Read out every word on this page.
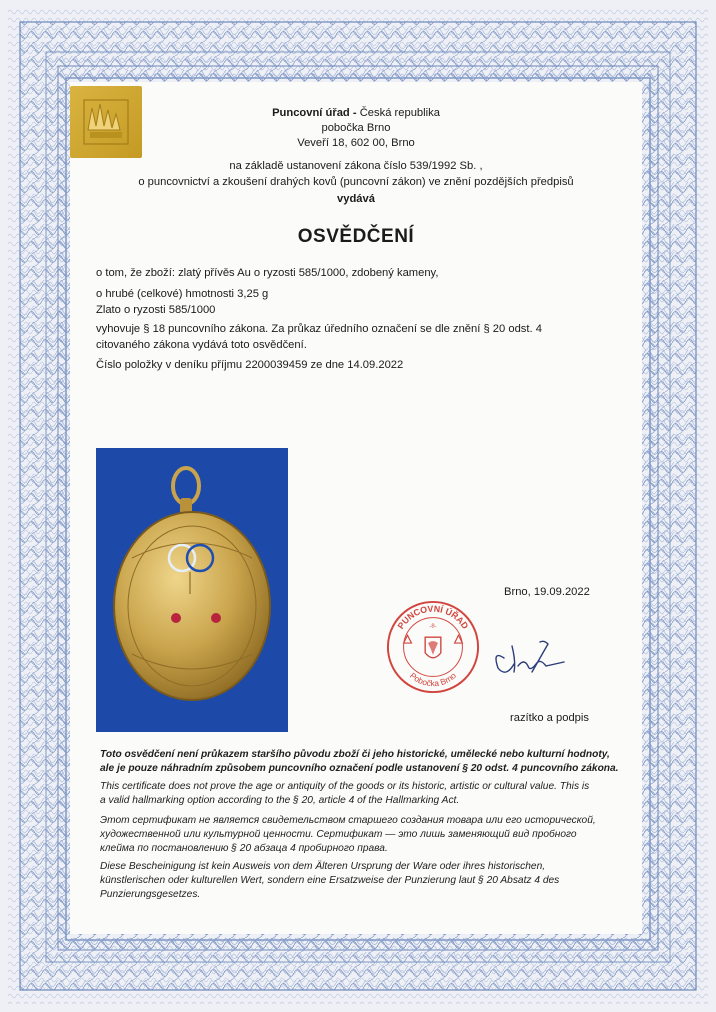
Puncovní úřad - Česká republika
pobočka Brno
Veveří 18, 602 00, Brno
na základě ustanovení zákona číslo 539/1992 Sb. ,
o puncovnictví a zkoušení drahých kovů (puncovní zákon) ve znění pozdějších předpisů
vydává
OSVĚDČENÍ
o tom, že zboží: zlatý přívěs Au o ryzosti 585/1000, zdobený kameny,
o hrubé (celkové) hmotnosti 3,25 g
Zlato o ryzosti 585/1000
vyhovuje § 18 puncovního zákona. Za průkaz úředního označení se dle znění § 20 odst. 4
citovaného zákona vydává toto osvědčení.
Číslo položky v deníku příjmu 2200039459 ze dne 14.09.2022
Brno, 19.09.2022
PUNCOVNÍ ÚŘAD
Pobočka Brno
-8-
razítko a podpis
Toto osvědčení není průkazem staršího původu zboží či jeho historické, umělecké nebo kulturní hodnoty,
ale je pouze náhradním způsobem puncovního označení podle ustanovení § 20 odst. 4 puncovního zákona.
This certificate does not prove the age or antiquity of the goods or its historic, artistic or cultural value. This is
a valid hallmarking option according to the § 20, article 4 of the Hallmarking Act.
Этот сертификат не является свидетельством старшего создания товара или его исторической,
художественной или культурной ценности. Сертификат — это лишь заменяющий вид пробного
клейма по постановлению § 20 абзаца 4 пробирного права.
Diese Bescheinigung ist kein Ausweis von dem Älteren Ursprung der Ware oder ihres historischen,
künstlerischen oder kulturellen Wert, sondern eine Ersatzweise der Punzierung laut § 20 Absatz 4 des
Punzierungsgesetzes.
